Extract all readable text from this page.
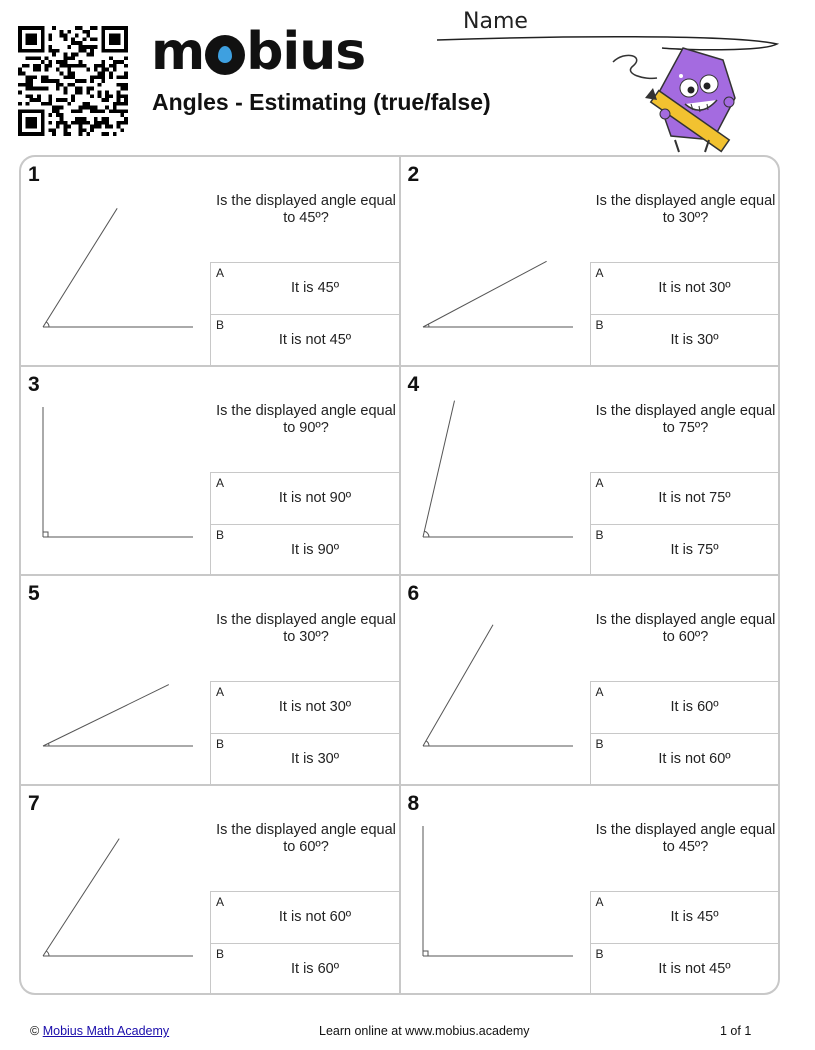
m bius
Angles - Estimating (true/false)
Name
1
Is the displayed angle equal to 45º?
A
It is 45º
B
It is not 45º
2
Is the displayed angle equal to 30º?
A
It is not 30º
B
It is 30º
3
Is the displayed angle equal to 90º?
A
It is not 90º
B
It is 90º
4
Is the displayed angle equal to 75º?
A
It is not 75º
B
It is 75º
5
Is the displayed angle equal to 30º?
A
It is not 30º
B
It is 30º
6
Is the displayed angle equal to 60º?
A
It is 60º
B
It is not 60º
7
Is the displayed angle equal to 60º?
A
It is not 60º
B
It is 60º
8
Is the displayed angle equal to 45º?
A
It is 45º
B
It is not 45º
© Mobius Math Academy	Learn online at www.mobius.academy	1 of 1
